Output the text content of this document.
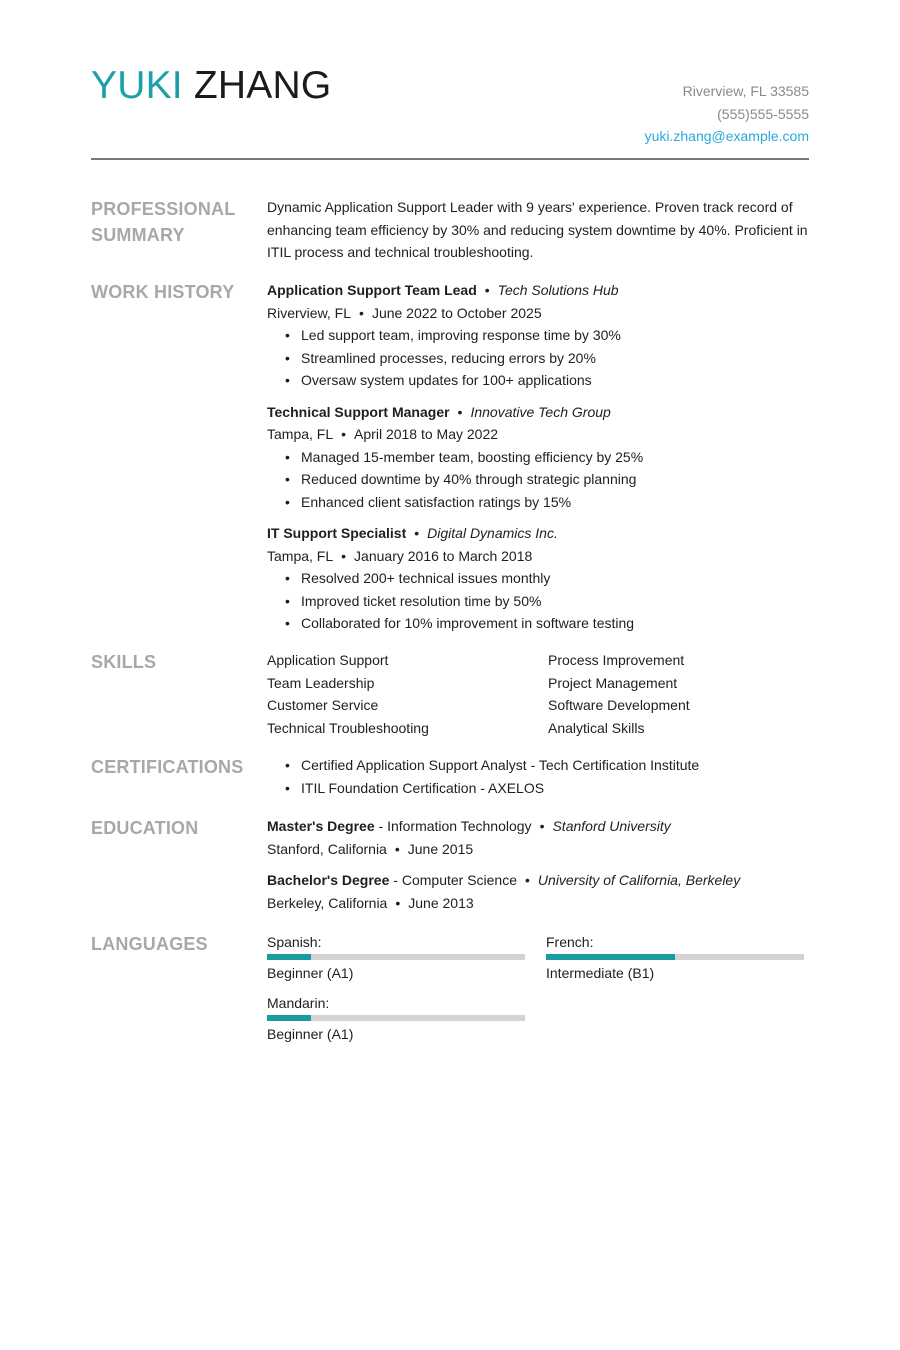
YUKI ZHANG	Riverview, FL 33585
(555)555-5555
yuki.zhang@example.com
PROFESSIONAL SUMMARY

Dynamic Application Support Leader with 9 years' experience. Proven track record of enhancing team efficiency by 30% and reducing system downtime by 40%. Proficient in ITIL process and technical troubleshooting.

WORK HISTORY	Application Support Team Lead • Tech Solutions Hub
Riverview, FL • June 2022 to October 2025
• Led support team, improving response time by 30%
• Streamlined processes, reducing errors by 20%
• Oversaw system updates for 100+ applications
Technical Support Manager • Innovative Tech Group
Tampa, FL • April 2018 to May 2022
• Managed 15-member team, boosting efficiency by 25%
• Reduced downtime by 40% through strategic planning
• Enhanced client satisfaction ratings by 15%
IT Support Specialist • Digital Dynamics Inc.
Tampa, FL • January 2016 to March 2018
• Resolved 200+ technical issues monthly
• Improved ticket resolution time by 50%
• Collaborated for 10% improvement in software testing
SKILLS	Application Support	Process Improvement
Team Leadership	Project Management
Customer Service	Software Development
Technical Troubleshooting	Analytical Skills
CERTIFICATIONS
•	Certified Application Support Analyst - Tech Certification Institute
• ITIL Foundation Certification - AXELOS
EDUCATION	Master's Degree - Information Technology • Stanford University
Stanford, California • June 2015
Bachelor's Degree - Computer Science • University of California, Berkeley
Berkeley, California • June 2013
LANGUAGES	Spanish:
Beginner (A1)
French:
Intermediate (B1)
Mandarin:
Beginner (A1)
